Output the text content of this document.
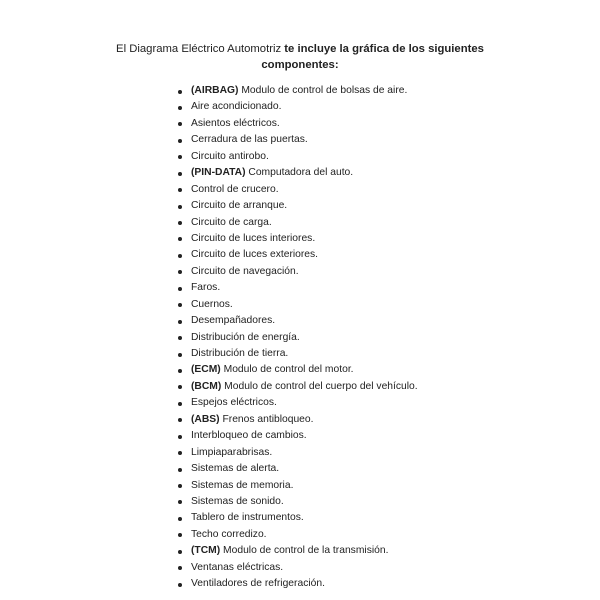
El Diagrama Eléctrico Automotriz te incluye la gráfica de los siguientes
componentes:
(AIRBAG) Modulo de control de bolsas de aire.
Aire acondicionado.
Asientos eléctricos.
Cerradura de las puertas.
Circuito antirobo.
(PIN-DATA) Computadora del auto.
Control de crucero.
Circuito de arranque.
Circuito de carga.
Circuito de luces interiores.
Circuito de luces exteriores.
Circuito de navegación.
Faros.
Cuernos.
Desempañadores.
Distribución de energía.
Distribución de tierra.
(ECM) Modulo de control del motor.
(BCM) Modulo de control del cuerpo del vehículo.
Espejos eléctricos.
(ABS) Frenos antibloqueo.
Interbloqueo de cambios.
Limpiaparabrisas.
Sistemas de alerta.
Sistemas de memoria.
Sistemas de sonido.
Tablero de instrumentos.
Techo corredizo.
(TCM) Modulo de control de la transmisión.
Ventanas eléctricas.
Ventiladores de refrigeración.
